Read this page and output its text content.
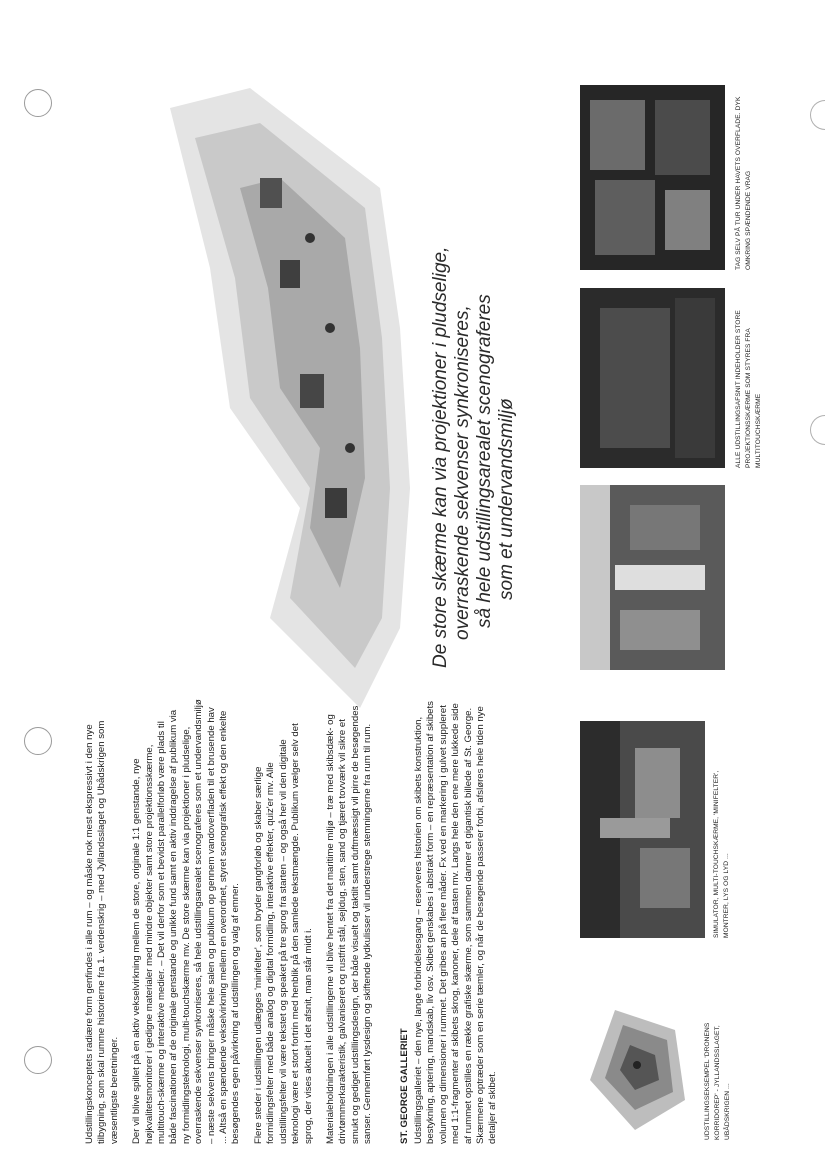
Udstillingskonceptets radiære form genfindes i alle rum – og måske nok mest ekspressivt i den nye tilbygning, som skal rumme historierne fra 1. verdenskrig – med Jyllandsslaget og Ubådskrigen som væsentligste beretninger. Der vil blive spillet på en aktiv vekselvirkning mellem de store, originale 1:1 genstande, nye højkvalitetsmonitorer i gedigne materialer med mindre objekter samt store projektionsskærme, multitouch-skærme og interaktive medier. – Det vil derfor som et bevidst parallelforløb være plads til både fascinationen af de originale genstande og unikke fund samt en aktiv inddragelse af publikum via ny formidlingsteknologi, multi-touchskærme mv. De store skærme kan via projektioner i pludselige, overraskende sekvenser synkroniseres, så hele udstillingsarealet scenograferes som et undervandsmiljø – næste sekvens bringer måske hele salen og publikum op gennem vandoverfladen til et brusende hav ... Altså en spændende vekselvirkning mellem en overordnet, styret scenografisk effekt og den enkelte besøgendes egen påvirkning af udstillingen og valg af emner. Flere steder i udstillingen udlægges 'minifelter', som bryder gangforløb og skaber særlige formidlingsfelter med både analog og digital formidling, interaktive effekter, quiz'er mv. Alle udstillingsfelter vil være tekstet og speaket på tre sprog fra starten – og også her vil den digitale teknologi være et stort fortrin med henblik på den samlede tekstmængde. Publikum vælger selv det sprog, der vises aktuelt i det afsnit, man står midt i. Materialeholdningen i alle udstillingerne vil blive hentet fra det maritime miljø – træ med skibsdæk- og drivtømmerkarakteristik, galvaniseret og rustfrit stål, sejldug, sten, sand og tjæret tovværk vil sikre et smukt og gediget udstillingsdesign, der både visuelt og taktilt samt duftmæssigt vil pirre de besøgendes sanser. Gennemført lysdesign og skiftende lydkulisser vil understrege stemningerne fra rum til rum.	ST. GEORGE GALLERIET Udstillingsgalleriet – den nye, lange forbindelsesgang – reserveres historien om skibets konstruktion, bestykning, aptering, mandskab, liv osv. Skibet genskabes i abstrakt form – en repræsentation af skibets volumen og dimensioner i rummet. Det gribes an på flere måder. Fx ved en markering i gulvet suppleret med 1:1-fragmenter af skibets skrog, kanoner, dele af tasten mv. Langs hele den ene mere lukkede side af rummet opstilles en række grafiske skærme, som sammen danner et gigantisk billede af St. George. Skærmene optræder som en serie tæmler, og når de besøgende passerer forbi, afsløres hele tiden nye detaljer af skibet.	UDSTILLINGSEKSEMPEL 'DRONENS KORRIDOREP' - JYLLANDSSLAGET, UBÅDSKRIGEN ...
SIMULATOR, MULTI-TOUCHSKÆRME, 'MINIFELTER', MONTRER, LYS OG LYD ...
ALLE UDSTILLINGSAFSNIT INDEHOLDER STORE PROJEKTIONSSKÆRME SOM STYRES FRA MULTITOUCHSKÆRME
TAG SELV PÅ TUR UNDER HAVETS OVERFLADE. DYK OMKRING SPÆNDENDE VRAG
De store skærme kan via projektioner i pludselige, overraskende sekvenser synkroniseres, så hele udstillingsarealet scenograferes som et undervandsmiljø
